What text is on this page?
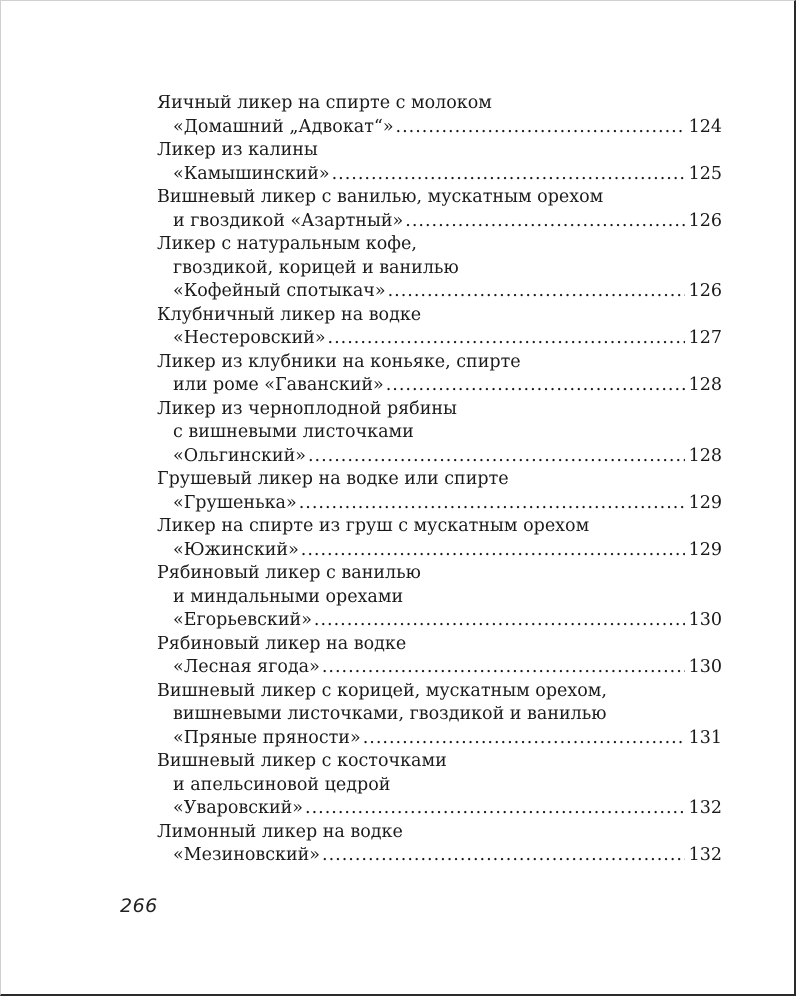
Яичный ликер на спирте с молоком
«Домашний „Адвокат“» .....	124
Ликер из калины
«Камышинский» .....	125
Вишневый ликер с ванилью, мускатным орехом
и гвоздикой «Азартный» .....	126
Ликер с натуральным кофе,
гвоздикой, корицей и ванилью
«Кофейный спотыкач» .....	126
Клубничный ликер на водке
«Нестеровский» .....	127
Ликер из клубники на коньяке, спирте
или роме «Гаванский» .....	128
Ликер из черноплодной рябины
с вишневыми листочками
«Ольгинский» .....	128
Грушевый ликер на водке или спирте
«Грушенька» .....	129
Ликер на спирте из груш с мускатным орехом
«Южинский» .....	129
Рябиновый ликер с ванилью
и миндальными орехами
«Егорьевский» .....	130
Рябиновый ликер на водке
«Лесная ягода» .....	130
Вишневый ликер с корицей, мускатным орехом,
вишневыми листочками, гвоздикой и ванилью
«Пряные пряности» .....	131
Вишневый ликер с косточками
и апельсиновой цедрой
«Уваровский» .....	132
Лимонный ликер на водке
«Мезиновский» .....	132
266
